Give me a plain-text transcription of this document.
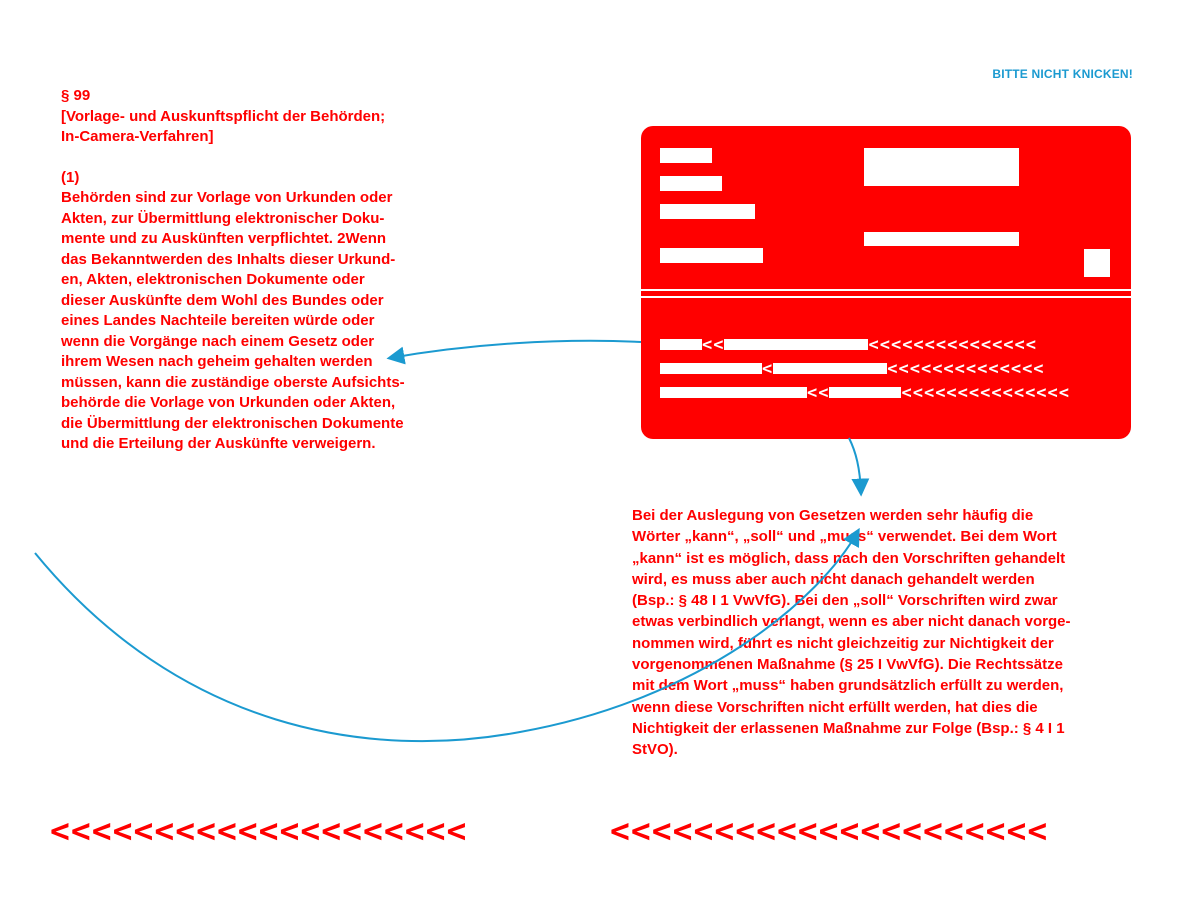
BITTE NICHT KNICKEN!
§ 99
[Vorlage- und Auskunftspflicht der Behörden;
In-Camera-Verfahren]
(1)
Behörden sind zur Vorlage von Urkunden oder
Akten, zur Übermittlung elektronischer Doku-
mente und zu Auskünften verpflichtet. 2Wenn
das Bekanntwerden des Inhalts dieser Urkund-
en, Akten, elektronischen Dokumente oder
dieser Auskünfte dem Wohl des Bundes oder
eines Landes Nachteile bereiten würde oder
wenn die Vorgänge nach einem Gesetz oder
ihrem Wesen nach geheim gehalten werden
müssen, kann die zuständige oberste Aufsichts-
behörde die Vorlage von Urkunden oder Akten,
die Übermittlung der elektronischen Dokumente
und die Erteilung der Auskünfte verweigern.
<<	<<<<<<<<<<<<<<<
<	<<<<<<<<<<<<<<
<<	<<<<<<<<<<<<<<<
Bei der Auslegung von Gesetzen werden sehr häufig die
Wörter „kann“, „soll“ und „muss“ verwendet. Bei dem Wort
„kann“ ist es möglich, dass nach den Vorschriften gehandelt
wird, es muss aber auch nicht danach gehandelt werden
(Bsp.: § 48 I 1 VwVfG). Bei den „soll“ Vorschriften wird zwar
etwas verbindlich verlangt, wenn es aber nicht danach vorge-
nommen wird, führt es nicht gleichzeitig zur Nichtigkeit der
vorgenommenen Maßnahme (§ 25 I VwVfG). Die Rechtssätze
mit dem Wort „muss“ haben grundsätzlich erfüllt zu werden,
wenn diese Vorschriften nicht erfüllt werden, hat dies die
Nichtigkeit der erlassenen Maßnahme zur Folge (Bsp.: § 4 I 1
StVO).
<<<<<<<<<<<<<<<<<<<<	<<<<<<<<<<<<<<<<<<<<<
